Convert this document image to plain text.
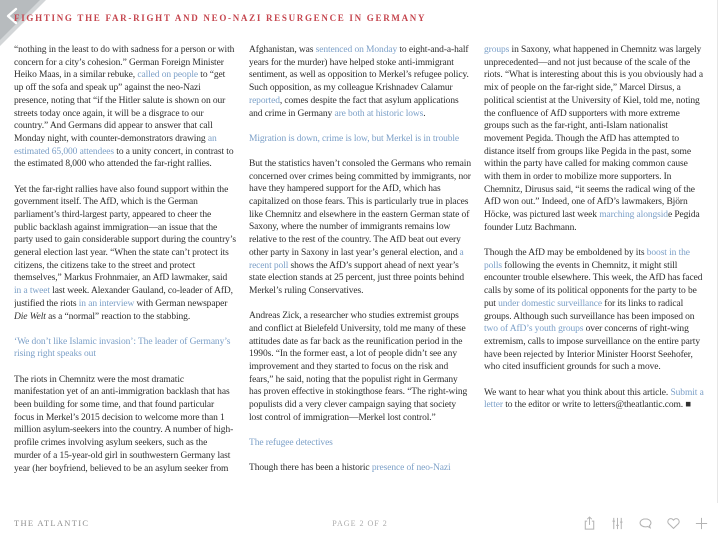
FIGHTING THE FAR-RIGHT AND NEO-NAZI RESURGENCE IN GERMANY

“nothing in the least to do with sadness for a person or with concern for a city’s cohesion.” German Foreign Minister Heiko Maas, in a similar rebuke, called on people to “get up off the sofa and speak up” against the neo-Nazi presence, noting that “if the Hitler salute is shown on our streets today once again, it will be a disgrace to our country.” And Germans did appear to answer that call Monday night, with counter-demonstrators drawing an estimated 65,000 attendees to a unity concert, in contrast to the estimated 8,000 who attended the far-right rallies.

Yet the far-right rallies have also found support within the government itself. The AfD, which is the German parliament’s third-largest party, appeared to cheer the public backlash against immigration—an issue that the party used to gain considerable support during the country’s general election last year. “When the state can’t protect its citizens, the citizens take to the street and protect themselves,” Markus Frohnmaier, an AfD lawmaker, said in a tweet last week. Alexander Gauland, co-leader of AfD, justified the riots in an interview with German newspaper Die Welt as a “normal” reaction to the stabbing.

‘We don’t like Islamic invasion’: The leader of Germany’s rising right speaks out

The riots in Chemnitz were the most dramatic manifestation yet of an anti-immigration backlash that has been building for some time, and that found particular focus in Merkel’s 2015 decision to welcome more than 1 million asylum-seekers into the country. A number of high-profile crimes involving asylum seekers, such as the murder of a 15-year-old girl in southwestern Germany last year (her boyfriend, believed to be an asylum seeker from

Afghanistan, was sentenced on Monday to eight-and-a-half years for the murder) have helped stoke anti-immigrant sentiment, as well as opposition to Merkel’s refugee policy. Such opposition, as my colleague Krishnadev Calamur reported, comes despite the fact that asylum applications and crime in Germany are both at historic lows.

Migration is down, crime is low, but Merkel is in trouble

But the statistics haven’t consoled the Germans who remain concerned over crimes being committed by immigrants, nor have they hampered support for the AfD, which has capitalized on those fears. This is particularly true in places like Chemnitz and elsewhere in the eastern German state of Saxony, where the number of immigrants remains low relative to the rest of the country. The AfD beat out every other party in Saxony in last year’s general election, and a recent poll shows the AfD’s support ahead of next year’s state election stands at 25 percent, just three points behind Merkel’s ruling Conservatives.

Andreas Zick, a researcher who studies extremist groups and conflict at Bielefeld University, told me many of these attitudes date as far back as the reunification period in the 1990s. “In the former east, a lot of people didn’t see any improvement and they started to focus on the risk and fears,” he said, noting that the populist right in Germany has proven effective in stokingthose fears. “The right-wing populists did a very clever campaign saying that society lost control of immigration—Merkel lost control.”

The refugee detectives

Though there has been a historic presence of neo-Nazi

groups in Saxony, what happened in Chemnitz was largely unprecedented—and not just because of the scale of the riots. “What is interesting about this is you obviously had a mix of people on the far-right side,” Marcel Dirsus, a political scientist at the University of Kiel, told me, noting the confluence of AfD supporters with more extreme groups such as the far-right, anti-Islam nationalist movement Pegida. Though the AfD has attempted to distance itself from groups like Pegida in the past, some within the party have called for making common cause with them in order to mobilize more supporters. In Chemnitz, Dirusus said, “it seems the radical wing of the AfD won out.” Indeed, one of AfD’s lawmakers, Björn Höcke, was pictured last week marching alongside Pegida founder Lutz Bachmann.

Though the AfD may be emboldened by its boost in the polls following the events in Chemnitz, it might still encounter trouble elsewhere. This week, the AfD has faced calls by some of its political opponents for the party to be put under domestic surveillance for its links to radical groups. Although such surveillance has been imposed on two of AfD’s youth groups over concerns of right-wing extremism, calls to impose surveillance on the entire party have been rejected by Interior Minister Hoorst Seehofer, who cited insufficient grounds for such a move.

We want to hear what you think about this article. Submit a letter to the editor or write to letters@theatlantic.com. ■

THE ATLANTIC	PAGE 2 OF 2
